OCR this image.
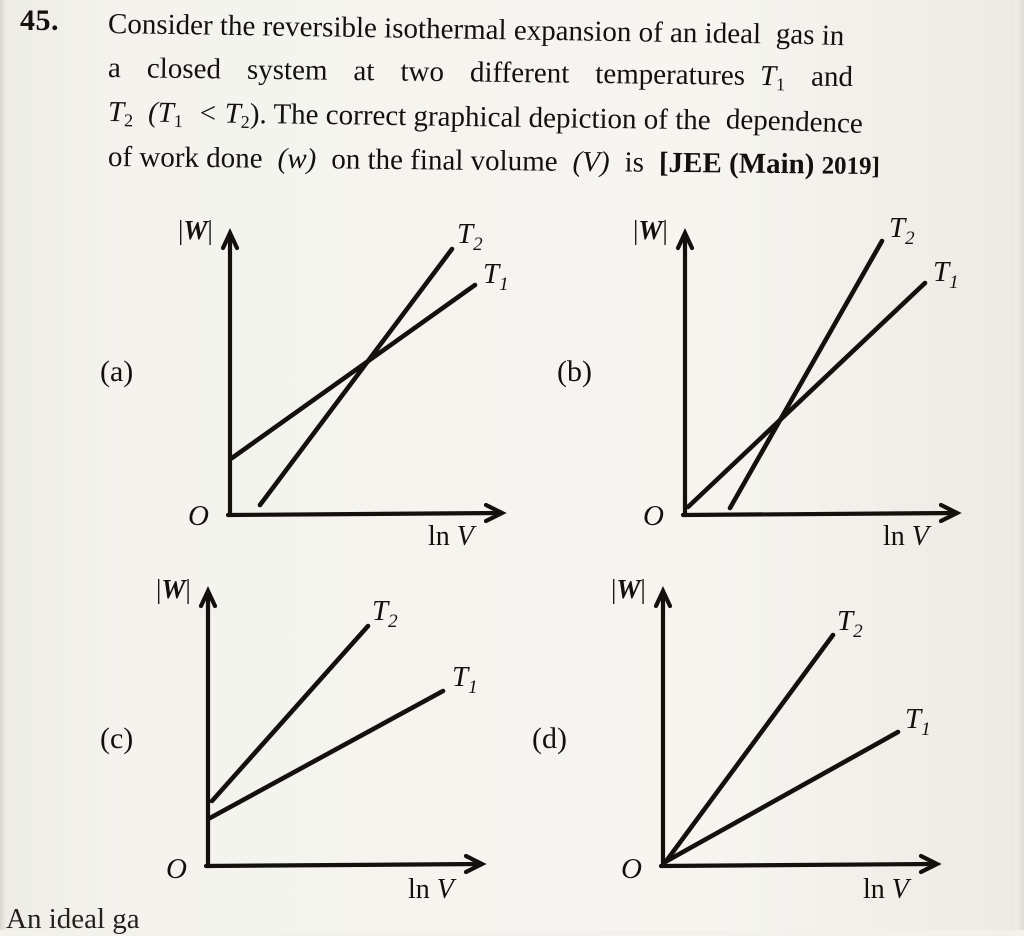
45. Consider the reversible isothermal expansion of an ideal gas in
a closed system at two different temperatures $T_1$ and
$T_2$ $(T_1 < T_2)$. The correct graphical depiction of the dependence
of work done (w) on the final volume (V) is [JEE (Main) 2019]
(a)
|W|
O
ln V
$T_2$
$T_1$
(b)
|W|
O
ln V
$T_2$
$T_1$
(c)
|W|
O
ln V
$T_2$
$T_1$
(d)
|W|
O
ln V
$T_2$
$T_1$
An ideal ga
